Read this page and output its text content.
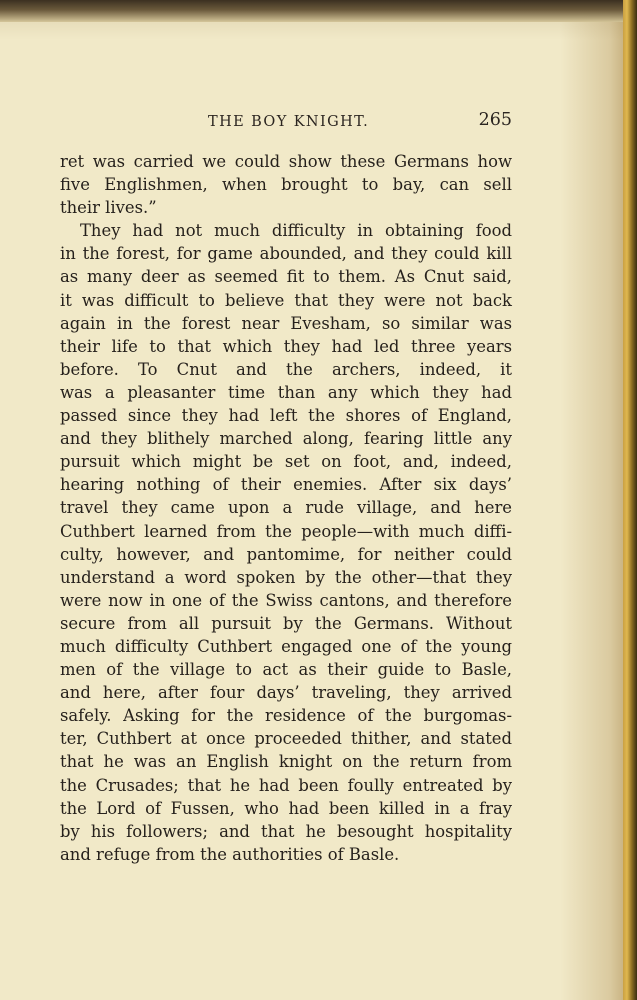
THE BOY KNIGHT.	265
ret was carried we could show these Germans how
five Englishmen, when brought to bay, can sell
their lives.”
They had not much difficulty in obtaining food
in the forest, for game abounded, and they could kill
as many deer as seemed fit to them. As Cnut said,
it was difficult to believe that they were not back
again in the forest near Evesham, so similar was
their life to that which they had led three years
before. To Cnut and the archers, indeed, it
was a pleasanter time than any which they had
passed since they had left the shores of England,
and they blithely marched along, fearing little any
pursuit which might be set on foot, and, indeed,
hearing nothing of their enemies. After six days’
travel they came upon a rude village, and here
Cuthbert learned from the people—with much diffi-
culty, however, and pantomime, for neither could
understand a word spoken by the other—that they
were now in one of the Swiss cantons, and therefore
secure from all pursuit by the Germans. Without
much difficulty Cuthbert engaged one of the young
men of the village to act as their guide to Basle,
and here, after four days’ traveling, they arrived
safely. Asking for the residence of the burgomas-
ter, Cuthbert at once proceeded thither, and stated
that he was an English knight on the return from
the Crusades; that he had been foully entreated by
the Lord of Fussen, who had been killed in a fray
by his followers; and that he besought hospitality
and refuge from the authorities of Basle.
